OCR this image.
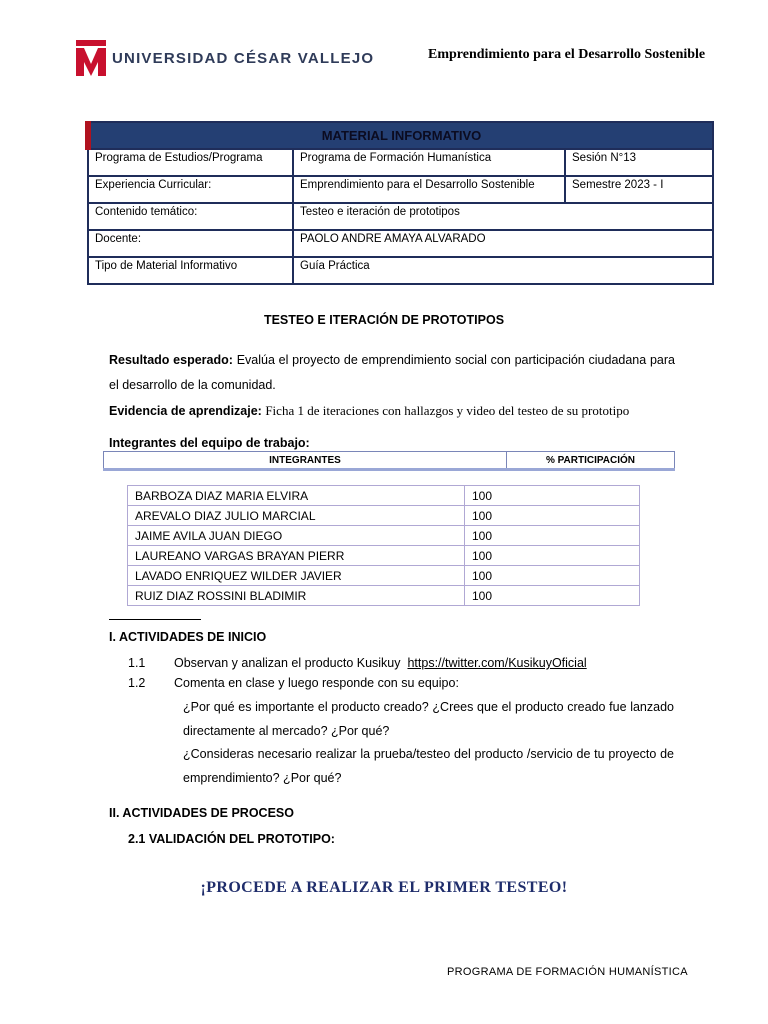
UNIVERSIDAD CÉSAR VALLEJO	Emprendimiento para el Desarrollo Sostenible
MATERIAL INFORMATIVO		
Programa de Estudios/Programa	Programa de Formación Humanística	Sesión N°13
Experiencia Curricular:	Emprendimiento para el Desarrollo Sostenible	Semestre 2023 - I
Contenido temático:	Testeo e iteración de prototipos	
Docente:	PAOLO ANDRE AMAYA ALVARADO	
Tipo de Material Informativo	Guía Práctica	
TESTEO E ITERACIÓN DE PROTOTIPOS
Resultado esperado: Evalúa el proyecto de emprendimiento social con participación ciudadana para el desarrollo de la comunidad.
Evidencia de aprendizaje: Ficha 1 de iteraciones con hallazgos y video del testeo de su prototipo
Integrantes del equipo de trabajo:
INTEGRANTES	% PARTICIPACIÓN
BARBOZA DIAZ MARIA ELVIRA	100
AREVALO DIAZ JULIO MARCIAL	100
JAIME AVILA JUAN DIEGO	100
LAUREANO VARGAS BRAYAN PIERR	100
LAVADO ENRIQUEZ WILDER JAVIER	100
RUIZ DIAZ ROSSINI BLADIMIR	100
I. ACTIVIDADES DE INICIO
1.1 Observan y analizan el producto Kusikuy https://twitter.com/KusikuyOficial
1.2 Comenta en clase y luego responde con su equipo:
¿Por qué es importante el producto creado? ¿Crees que el producto creado fue lanzado directamente al mercado? ¿Por qué?
¿Consideras necesario realizar la prueba/testeo del producto /servicio de tu proyecto de emprendimiento? ¿Por qué?
II. ACTIVIDADES DE PROCESO
2.1 VALIDACIÓN DEL PROTOTIPO:
¡PROCEDE A REALIZAR EL PRIMER TESTEO!
PROGRAMA DE FORMACIÓN HUMANÍSTICA
